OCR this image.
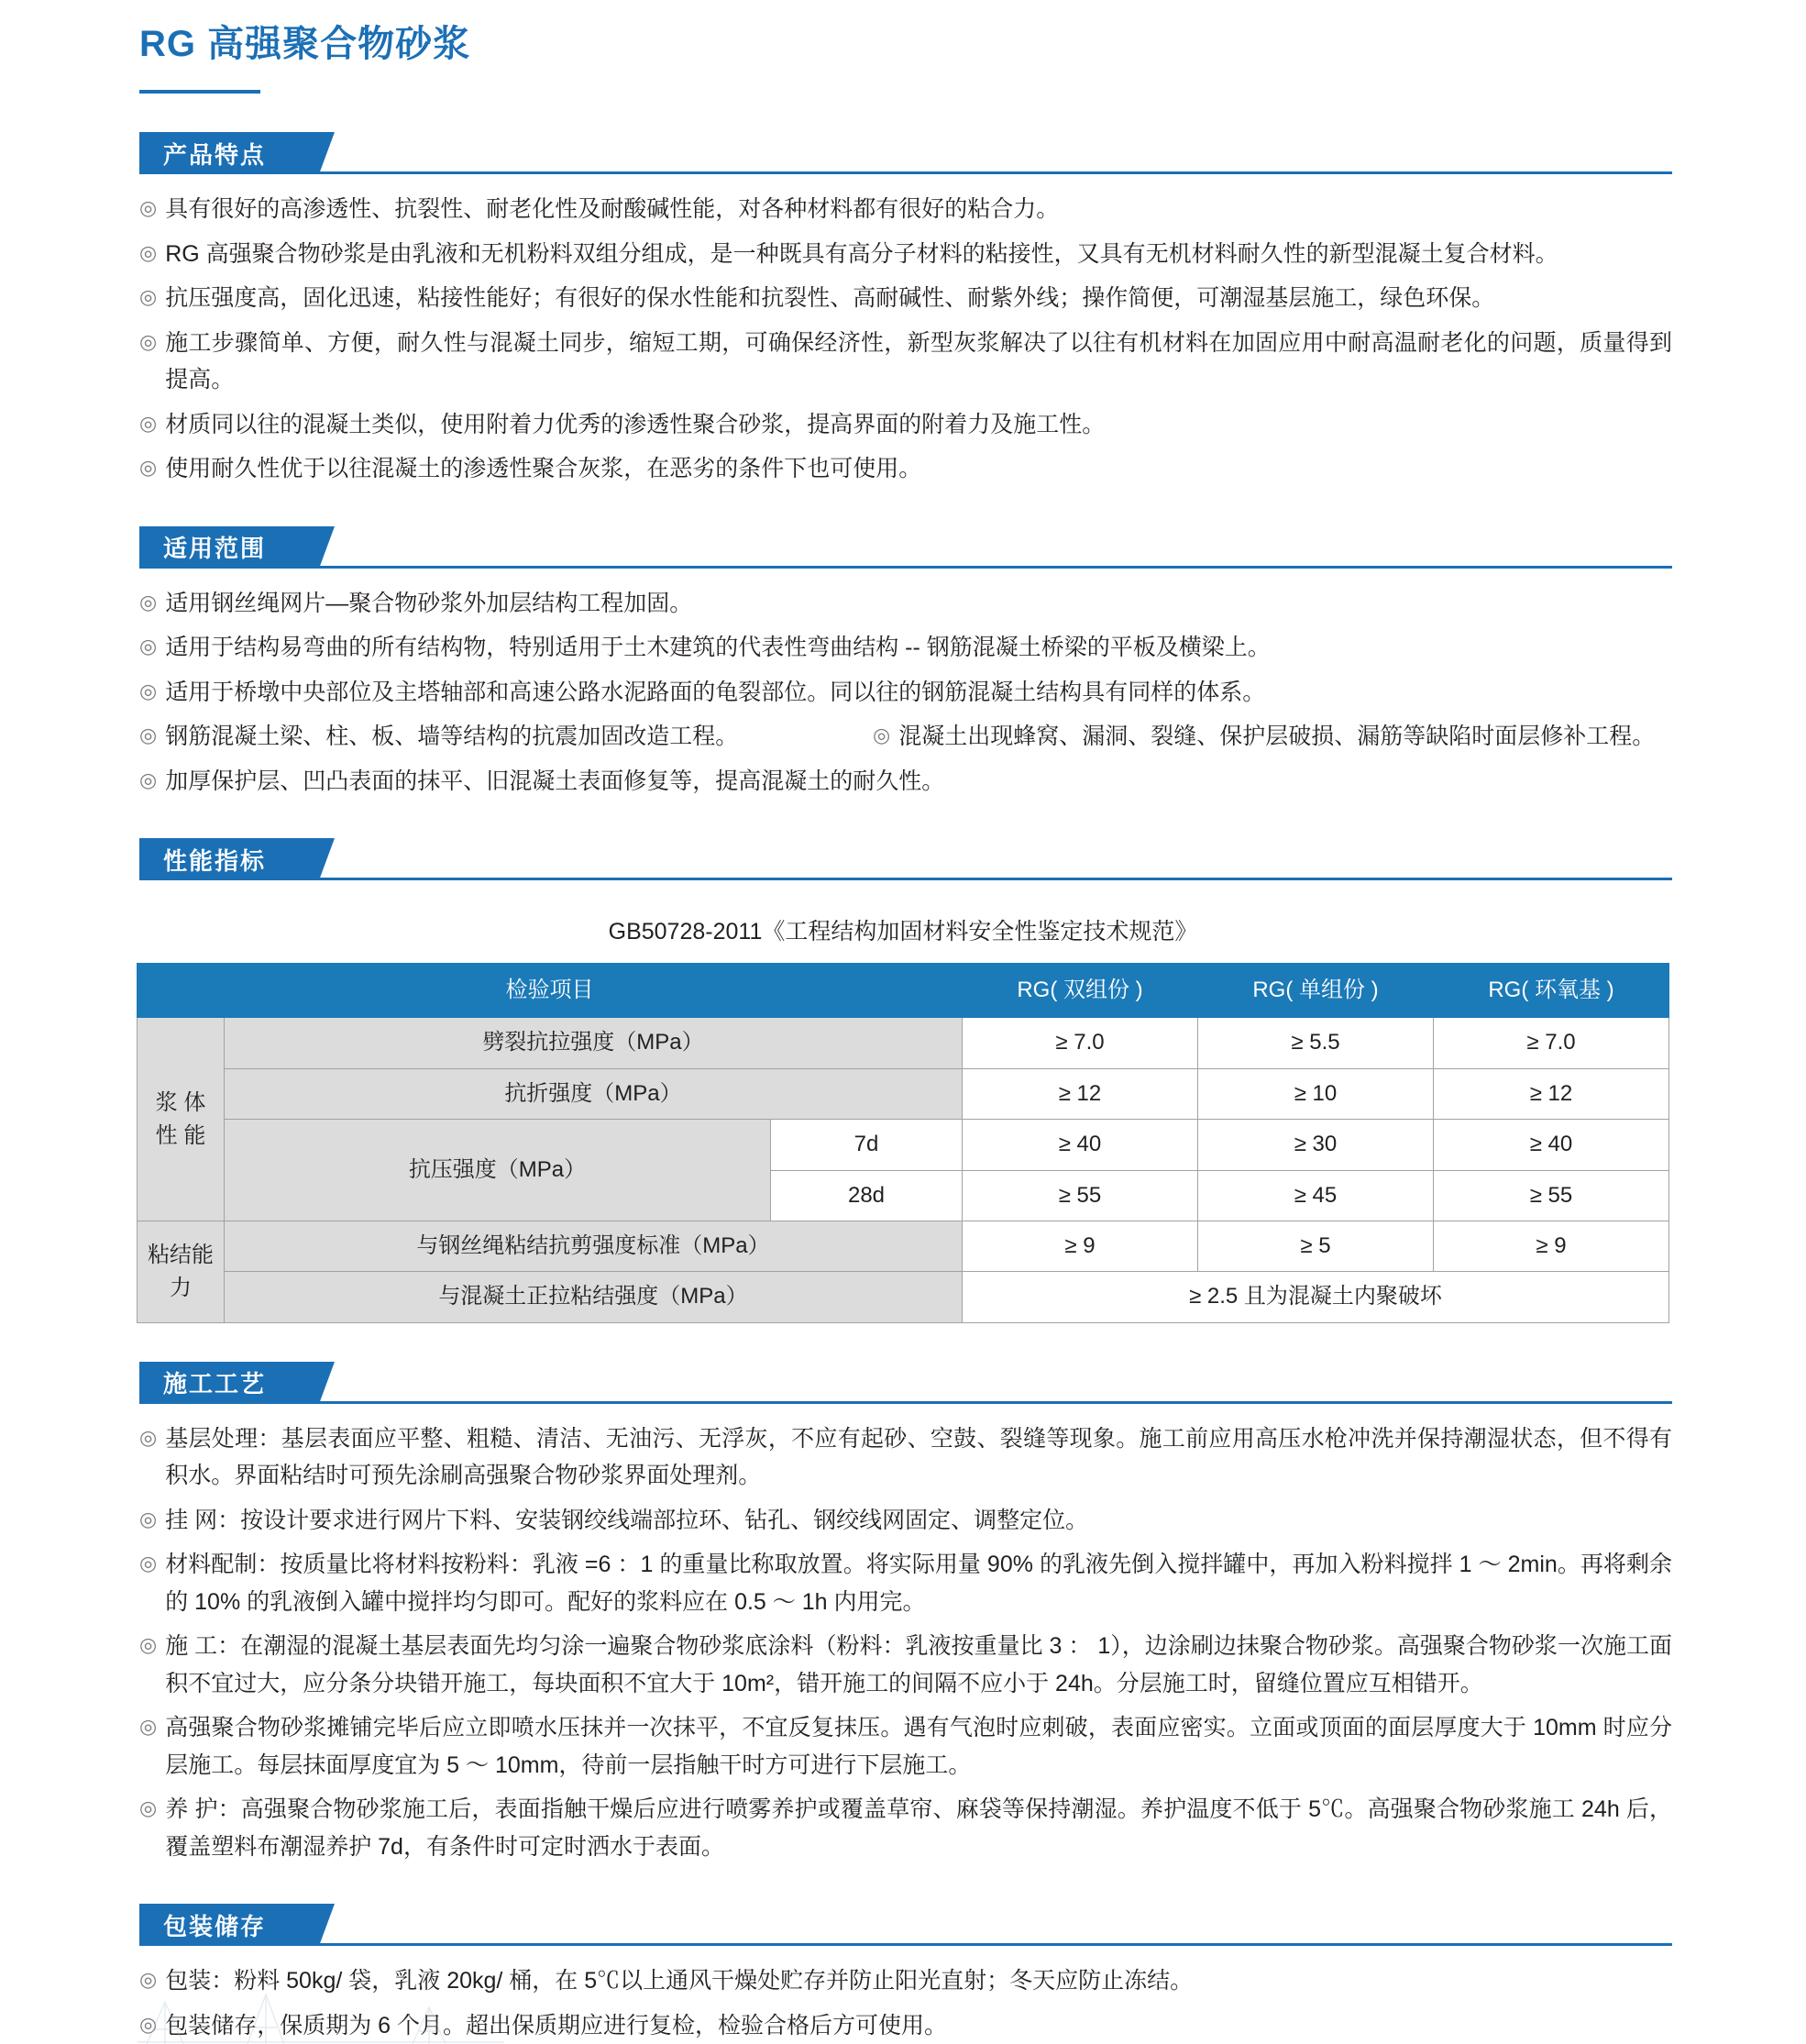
RG 高强聚合物砂浆
产品特点
◎ 具有很好的高渗透性、抗裂性、耐老化性及耐酸碱性能，对各种材料都有很好的粘合力。
◎ RG 高强聚合物砂浆是由乳液和无机粉料双组分组成，是一种既具有高分子材料的粘接性，又具有无机材料耐久性的新型混凝土复合材料。
◎ 抗压强度高，固化迅速，粘接性能好；有很好的保水性能和抗裂性、高耐碱性、耐紫外线；操作简便，可潮湿基层施工，绿色环保。
◎ 施工步骤简单、方便，耐久性与混凝土同步，缩短工期，可确保经济性，新型灰浆解决了以往有机材料在加固应用中耐高温耐老化的问题，质量得到提高。
◎ 材质同以往的混凝土类似，使用附着力优秀的渗透性聚合砂浆，提高界面的附着力及施工性。
◎ 使用耐久性优于以往混凝土的渗透性聚合灰浆，在恶劣的条件下也可使用。
适用范围
◎ 适用钢丝绳网片—聚合物砂浆外加层结构工程加固。
◎ 适用于结构易弯曲的所有结构物，特别适用于土木建筑的代表性弯曲结构 -- 钢筋混凝土桥梁的平板及横梁上。
◎ 适用于桥墩中央部位及主塔轴部和高速公路水泥路面的龟裂部位。同以往的钢筋混凝土结构具有同样的体系。
◎ 钢筋混凝土梁、柱、板、墙等结构的抗震加固改造工程。	◎ 混凝土出现蜂窝、漏洞、裂缝、保护层破损、漏筋等缺陷时面层修补工程。
◎ 加厚保护层、凹凸表面的抹平、旧混凝土表面修复等，提高混凝土的耐久性。
性能指标
GB50728-2011《工程结构加固材料安全性鉴定技术规范》
检验项目			RG( 双组份 )	RG( 单组份 )	RG( 环氧基 )
浆 体 性 能	劈裂抗拉强度（MPa）		≥ 7.0	≥ 5.5	≥ 7.0
	抗折强度（MPa）		≥ 12	≥ 10	≥ 12
	抗压强度（MPa）	7d	≥ 40	≥ 30	≥ 40
		28d	≥ 55	≥ 45	≥ 55
粘结能力	与钢丝绳粘结抗剪强度标准（MPa）		≥ 9	≥ 5	≥ 9
	与混凝土正拉粘结强度（MPa）		≥ 2.5 且为混凝土内聚破坏		
施工工艺
◎ 基层处理：基层表面应平整、粗糙、清洁、无油污、无浮灰，不应有起砂、空鼓、裂缝等现象。施工前应用高压水枪冲洗并保持潮湿状态，但不得有积水。界面粘结时可预先涂刷高强聚合物砂浆界面处理剂。
◎ 挂 网：按设计要求进行网片下料、安装钢绞线端部拉环、钻孔、钢绞线网固定、调整定位。
◎ 材料配制：按质量比将材料按粉料：乳液 =6 ：1 的重量比称取放置。将实际用量 90% 的乳液先倒入搅拌罐中，再加入粉料搅拌 1 ～ 2min。再将剩余的 10% 的乳液倒入罐中搅拌均匀即可。配好的浆料应在 0.5 ～ 1h 内用完。
◎ 施 工：在潮湿的混凝土基层表面先均匀涂一遍聚合物砂浆底涂料（粉料：乳液按重量比 3 ： 1），边涂刷边抹聚合物砂浆。高强聚合物砂浆一次施工面积不宜过大，应分条分块错开施工，每块面积不宜大于 10m²，错开施工的间隔不应小于 24h。分层施工时，留缝位置应互相错开。
◎ 高强聚合物砂浆摊铺完毕后应立即喷水压抹并一次抹平，不宜反复抹压。遇有气泡时应刺破，表面应密实。立面或顶面的面层厚度大于 10mm 时应分层施工。每层抹面厚度宜为 5 ～ 10mm，待前一层指触干时方可进行下层施工。
◎ 养 护：高强聚合物砂浆施工后，表面指触干燥后应进行喷雾养护或覆盖草帘、麻袋等保持潮湿。养护温度不低于 5℃。高强聚合物砂浆施工 24h 后，覆盖塑料布潮湿养护 7d，有条件时可定时洒水于表面。
包装储存
◎ 包装：粉料 50kg/ 袋，乳液 20kg/ 桶，在 5℃以上通风干燥处贮存并防止阳光直射；冬天应防止冻结。
◎ 包装储存，保质期为 6 个月。超出保质期应进行复检，检验合格后方可使用。
